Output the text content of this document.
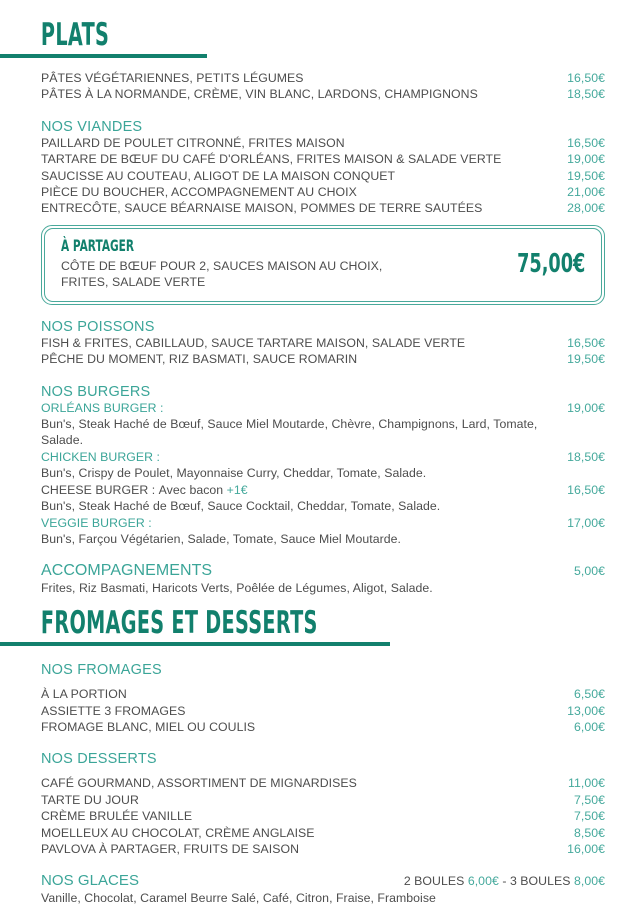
PLATS
PÂTES VÉGÉTARIENNES, PETITS LÉGUMES	16,50€
PÂTES À LA NORMANDE, CRÈME, VIN BLANC, LARDONS, CHAMPIGNONS	18,50€
NOS VIANDES
PAILLARD DE POULET CITRONNÉ, FRITES MAISON	16,50€
TARTARE DE BŒUF DU CAFÉ D'ORLÉANS, FRITES MAISON & SALADE VERTE	19,00€
SAUCISSE AU COUTEAU, ALIGOT DE LA MAISON CONQUET	19,50€
PIÈCE DU BOUCHER, ACCOMPAGNEMENT AU CHOIX	21,00€
ENTRECÔTE, SAUCE BÉARNAISE MAISON, POMMES DE TERRE SAUTÉES	28,00€
À PARTAGER
CÔTE DE BŒUF POUR 2, SAUCES MAISON AU CHOIX,
FRITES, SALADE VERTE
75,00€
NOS POISSONS
FISH & FRITES, CABILLAUD, SAUCE TARTARE MAISON, SALADE VERTE	16,50€
PÊCHE DU MOMENT, RIZ BASMATI, SAUCE ROMARIN	19,50€
NOS BURGERS
ORLÉANS BURGER :	19,00€
Bun's, Steak Haché de Bœuf, Sauce Miel Moutarde, Chèvre, Champignons, Lard, Tomate, Salade.
CHICKEN BURGER :	18,50€
Bun's, Crispy de Poulet, Mayonnaise Curry, Cheddar, Tomate, Salade.
CHEESE BURGER : Avec bacon +1€	16,50€
Bun's, Steak Haché de Bœuf, Sauce Cocktail, Cheddar, Tomate, Salade.
VEGGIE BURGER :	17,00€
Bun's, Farçou Végétarien, Salade, Tomate, Sauce Miel Moutarde.
ACCOMPAGNEMENTS	5,00€
Frites, Riz Basmati, Haricots Verts, Poêlée de Légumes, Aligot, Salade.
FROMAGES ET DESSERTS
NOS FROMAGES
À LA PORTION	6,50€
ASSIETTE 3 FROMAGES	13,00€
FROMAGE BLANC, MIEL OU COULIS	6,00€
NOS DESSERTS
CAFÉ GOURMAND, ASSORTIMENT DE MIGNARDISES	11,00€
TARTE DU JOUR	7,50€
CRÈME BRULÉE VANILLE	7,50€
MOELLEUX AU CHOCOLAT, CRÈME ANGLAISE	8,50€
PAVLOVA À PARTAGER, FRUITS DE SAISON	16,00€
NOS GLACES	2 BOULES 6,00€ - 3 BOULES 8,00€
Vanille, Chocolat, Caramel Beurre Salé, Café, Citron, Fraise, Framboise
